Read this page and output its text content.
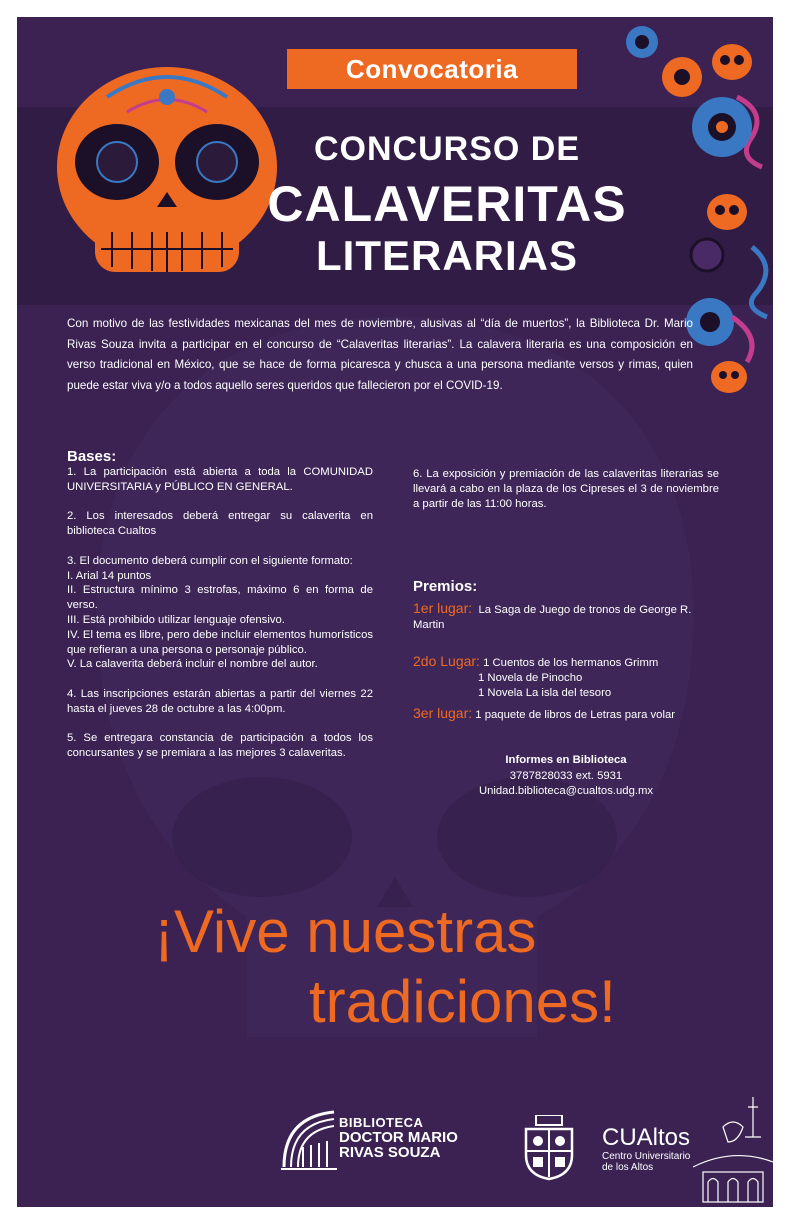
Convocatoria
CONCURSO DE
CALAVERITAS
LITERARIAS
Con motivo de las festividades mexicanas del mes de noviembre, alusivas al “día de muertos”, la Biblioteca Dr. Mario Rivas Souza invita a participar en el concurso de “Calaveritas literarias”. La calavera literaria es una composición en verso tradicional en México, que se hace de forma picaresca y chusca a una persona mediante versos y rimas, quien puede estar viva y/o a todos aquello seres queridos que fallecieron por el COVID-19.
Bases:

1. La participación está abierta a toda la COMUNIDAD UNIVERSITARIA y PÚBLICO EN GENERAL.

2. Los interesados deberá entregar su calaverita en biblioteca Cualtos

3. El documento deberá cumplir con el siguiente formato:
I. Arial 14 puntos
II. Estructura mínimo 3 estrofas, máximo 6 en forma de verso.
III. Está prohibido utilizar lenguaje ofensivo.
IV. El tema es libre, pero debe incluir elementos humorísticos que refieran a una persona o personaje público.

V. La calaverita deberá incluir el nombre del autor.

4. Las inscripciones estarán abiertas a partir del viernes 22 hasta el jueves 28 de octubre a las 4:00pm.

5. Se entregara constancia de participación a todos los concursantes y se premiara a las mejores 3 calaveritas.

6. La exposición y premiación de las calaveritas literarias se llevará a cabo en la plaza de los Cipreses el 3 de noviembre a partir de las 11:00 horas.
Premios:
1er lugar: La Saga de Juego de tronos de George R. Martin
2do Lugar: 1 Cuentos de los hermanos Grimm
1 Novela de Pinocho
1 Novela La isla del tesoro
3er lugar: 1 paquete de libros de Letras para volar
Informes en Biblioteca
3787828033 ext. 5931
Unidad.biblioteca@cualtos.udg.mx
¡Vive nuestras
tradiciones!
BIBLIOTECA
DOCTOR MARIO
RIVAS SOUZA
CUAltos
Centro Universitario
de los Altos
